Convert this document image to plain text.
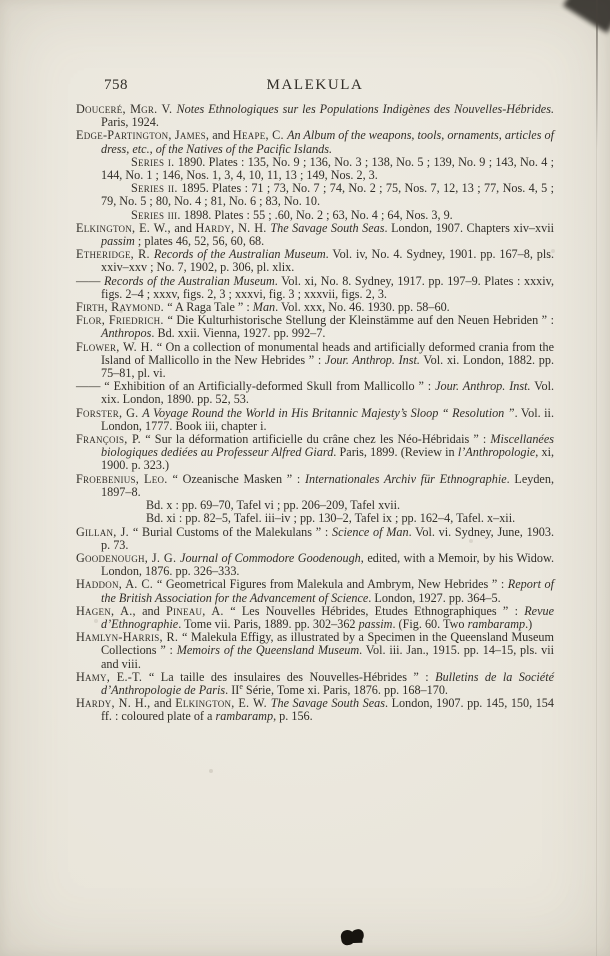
758	MALEKULA

Douceré, Mgr. V. Notes Ethnologiques sur les Populations Indigènes des Nouvelles-Hébrides. Paris, 1924.

Edge-Partington, James, and Heape, C. An Album of the weapons, tools, ornaments, articles of dress, etc., of the Natives of the Pacific Islands.

Series i. 1890. Plates : 135, No. 9 ; 136, No. 3 ; 138, No. 5 ; 139, No. 9 ; 143, No. 4 ; 144, No. 1 ; 146, Nos. 1, 3, 4, 10, 11, 13 ; 149, Nos. 2, 3.

Series ii. 1895. Plates : 71 ; 73, No. 7 ; 74, No. 2 ; 75, Nos. 7, 12, 13 ; 77, Nos. 4, 5 ; 79, No. 5 ; 80, No. 4 ; 81, No. 6 ; 83, No. 10.

Series iii. 1898. Plates : 55 ; .60, No. 2 ; 63, No. 4 ; 64, Nos. 3, 9.

Elkington, E. W., and Hardy, N. H. The Savage South Seas. London, 1907. Chapters xiv–xvii passim ; plates 46, 52, 56, 60, 68.

Etheridge, R. Records of the Australian Museum. Vol. iv, No. 4. Sydney, 1901. pp. 167–8, pls. xxiv–xxv ; No. 7, 1902, p. 306, pl. xlix.

—— Records of the Australian Museum. Vol. xi, No. 8. Sydney, 1917. pp. 197–9. Plates : xxxiv, figs. 2–4 ; xxxv, figs. 2, 3 ; xxxvi, fig. 3 ; xxxvii, figs. 2, 3.

Firth, Raymond. “ A Raga Tale ” : Man. Vol. xxx, No. 46. 1930. pp. 58–60.

Flor, Friedrich. “ Die Kulturhistorische Stellung der Kleinstämme auf den Neuen Hebriden ” : Anthropos. Bd. xxii. Vienna, 1927. pp. 992–7.

Flower, W. H. “ On a collection of monumental heads and artificially deformed crania from the Island of Mallicollo in the New Hebrides ” : Jour. Anthrop. Inst. Vol. xi. London, 1882. pp. 75–81, pl. vi.

—— “ Exhibition of an Artificially-deformed Skull from Mallicollo ” : Jour. Anthrop. Inst. Vol. xix. London, 1890. pp. 52, 53.

Forster, G. A Voyage Round the World in His Britannic Majesty’s Sloop “ Resolution ”. Vol. ii. London, 1777. Book iii, chapter i.

François, P. “ Sur la déformation artificielle du crâne chez les Néo-Hébridais ” : Miscellanées biologiques dediées au Professeur Alfred Giard. Paris, 1899. (Review in l’Anthropologie, xi, 1900. p. 323.)

Froebenius, Leo. “ Ozeanische Masken ” : Internationales Archiv für Ethnographie. Leyden, 1897–8.

Bd. x : pp. 69–70, Tafel vi ; pp. 206–209, Tafel xvii.

Bd. xi : pp. 82–5, Tafel. iii–iv ; pp. 130–2, Tafel ix ; pp. 162–4, Tafel. x–xii.

Gillan, J. “ Burial Customs of the Malekulans ” : Science of Man. Vol. vi. Sydney, June, 1903. p. 73.

Goodenough, J. G. Journal of Commodore Goodenough, edited, with a Memoir, by his Widow. London, 1876. pp. 326–333.

Haddon, A. C. “ Geometrical Figures from Malekula and Ambrym, New Hebrides ” : Report of the British Association for the Advancement of Science. London, 1927. pp. 364–5.

Hagen, A., and Pineau, A. “ Les Nouvelles Hébrides, Etudes Ethnographiques ” : Revue d’Ethnographie. Tome vii. Paris, 1889. pp. 302–362 passim. (Fig. 60. Two rambaramp.)

Hamlyn-Harris, R. “ Malekula Effigy, as illustrated by a Specimen in the Queensland Museum Collections ” : Memoirs of the Queensland Museum. Vol. iii. Jan., 1915. pp. 14–15, pls. vii and viii.

Hamy, E.-T. “ La taille des insulaires des Nouvelles-Hébrides ” : Bulletins de la Société d’Anthropologie de Paris. IIe Série, Tome xi. Paris, 1876. pp. 168–170.

Hardy, N. H., and Elkington, E. W. The Savage South Seas. London, 1907. pp. 145, 150, 154 ff. : coloured plate of a rambaramp, p. 156.
